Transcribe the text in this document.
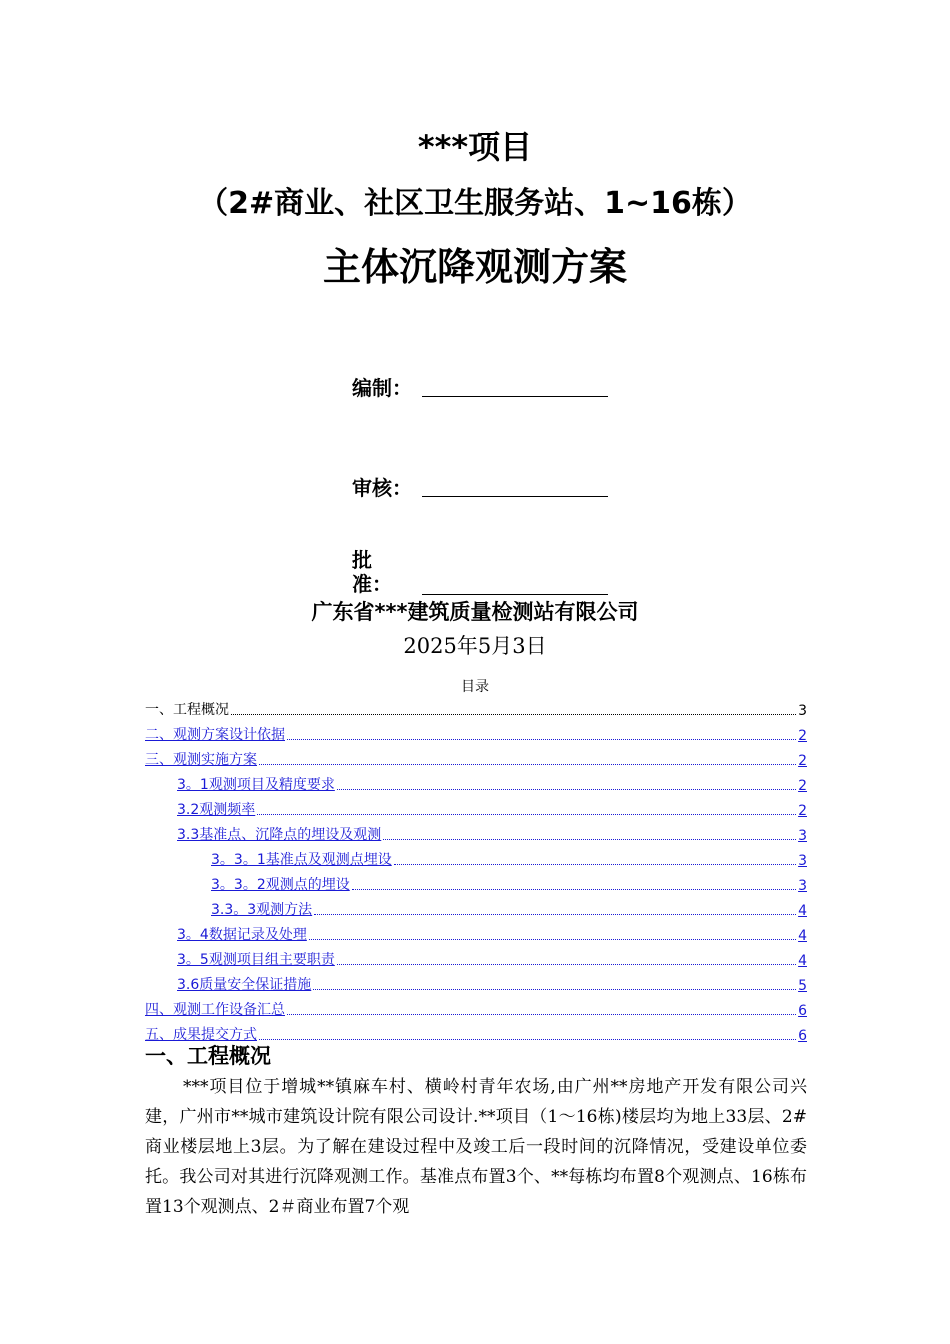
***项目
（2#商业、社区卫生服务站、1~16栋）
主体沉降观测方案
编制：
审核：
批准：
广东省***建筑质量检测站有限公司
2025年5月3日
目录
一、工程概况	3
二、观测方案设计依据	2
三、观测实施方案	2
3。1观测项目及精度要求	2
3.2观测频率	2
3.3基准点、沉降点的埋设及观测	3
3。3。1基准点及观测点埋设	3
3。3。2观测点的埋设	3
3.3。3观测方法	4
3。4数据记录及处理	4
3。5观测项目组主要职责	4
3.6质量安全保证措施	5
四、观测工作设备汇总	6
五、成果提交方式	6
一、工程概况
***项目位于增城**镇麻车村、横岭村青年农场,由广州**房地产开发有限公司兴建，广州市**城市建筑设计院有限公司设计.**项目（1～16栋)楼层均为地上33层、2#商业楼层地上3层。为了解在建设过程中及竣工后一段时间的沉降情况，受建设单位委托。我公司对其进行沉降观测工作。基准点布置3个、**每栋均布置8个观测点、16栋布置13个观测点、2＃商业布置7个观
